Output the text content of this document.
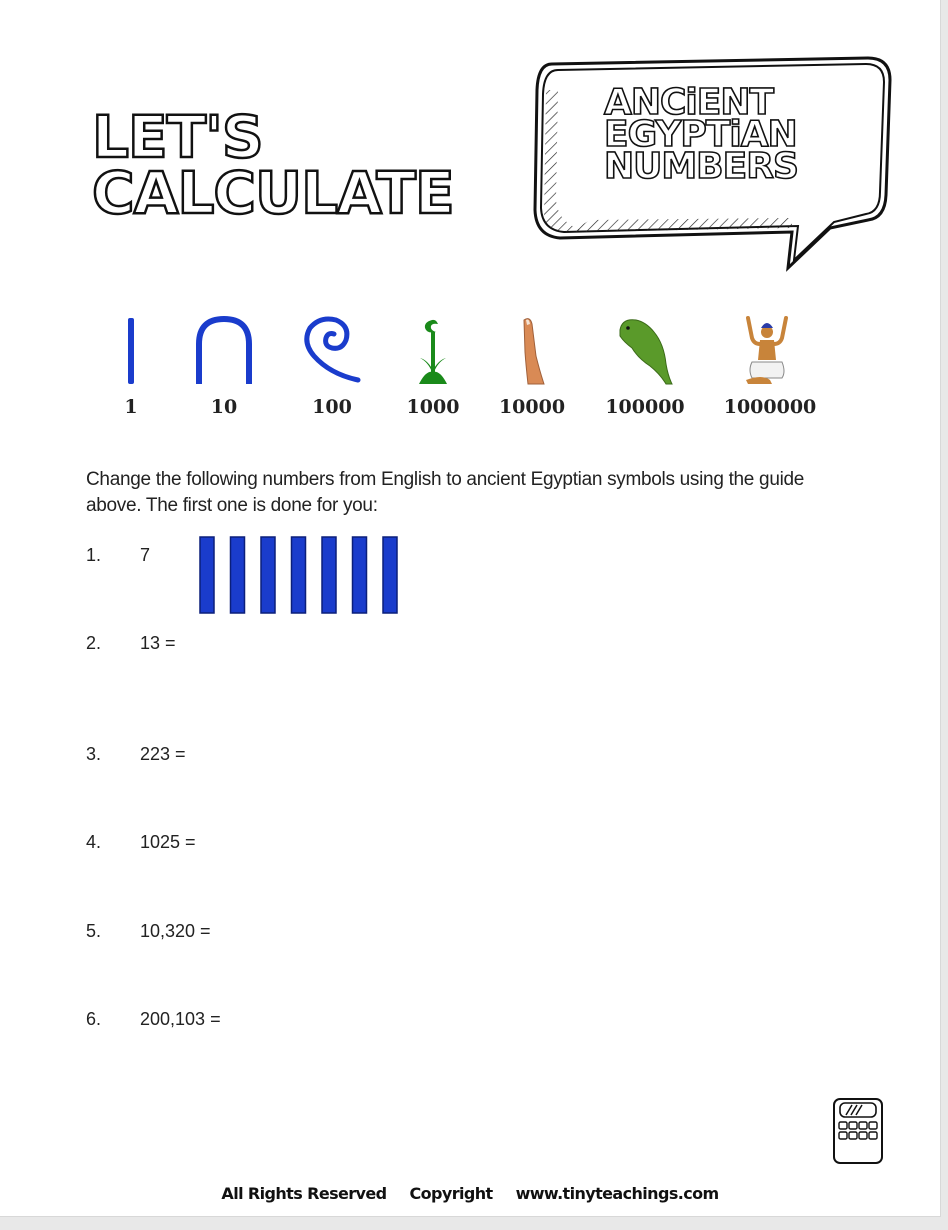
LET'S
CALCULATE
ANCiENT
EGYPTiAN
NUMBERS
1	10	100	1000 10000 100000 1000000
Change the following numbers from English to ancient Egyptian symbols using the guide above. The first one is done for you:
1. 7
2. 13 =
3. 223 =
4. 1025 =
5. 10,320 =
6. 200,103 =
All Rights Reserved Copyright www.tinyteachings.com
